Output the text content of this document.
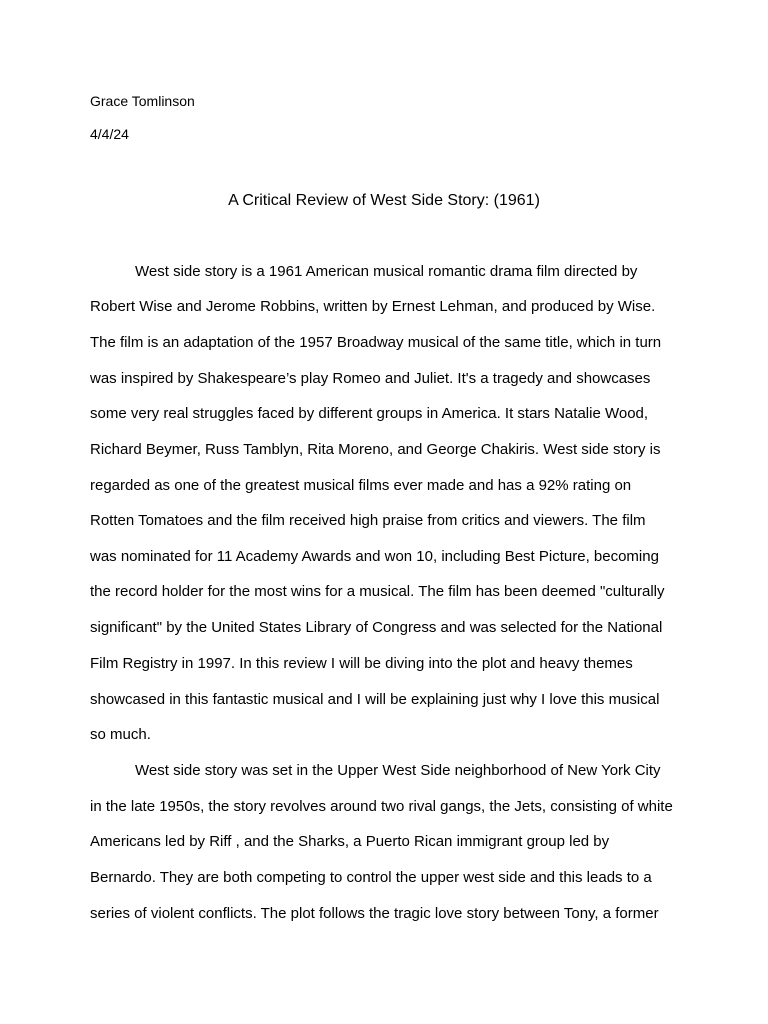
Grace Tomlinson
4/4/24
A Critical Review of West Side Story: (1961)
West side story is a 1961 American musical romantic drama film directed by
Robert Wise and Jerome Robbins, written by Ernest Lehman, and produced by Wise.
The film is an adaptation of the 1957 Broadway musical of the same title, which in turn
was inspired by Shakespeare’s play Romeo and Juliet. It's a tragedy and showcases
some very real struggles faced by different groups in America. It stars Natalie Wood,
Richard Beymer, Russ Tamblyn, Rita Moreno, and George Chakiris. West side story is
regarded as one of the greatest musical films ever made and has a 92% rating on
Rotten Tomatoes and the film received high praise from critics and viewers. The film
was nominated for 11 Academy Awards and won 10, including Best Picture, becoming
the record holder for the most wins for a musical. The film has been deemed "culturally
significant" by the United States Library of Congress and was selected for the National
Film Registry in 1997. In this review I will be diving into the plot and heavy themes
showcased in this fantastic musical and I will be explaining just why I love this musical
so much.
West side story was set in the Upper West Side neighborhood of New York City
in the late 1950s, the story revolves around two rival gangs, the Jets, consisting of white
Americans led by Riff , and the Sharks, a Puerto Rican immigrant group led by
Bernardo. They are both competing to control the upper west side and this leads to a
series of violent conflicts. The plot follows the tragic love story between Tony, a former
